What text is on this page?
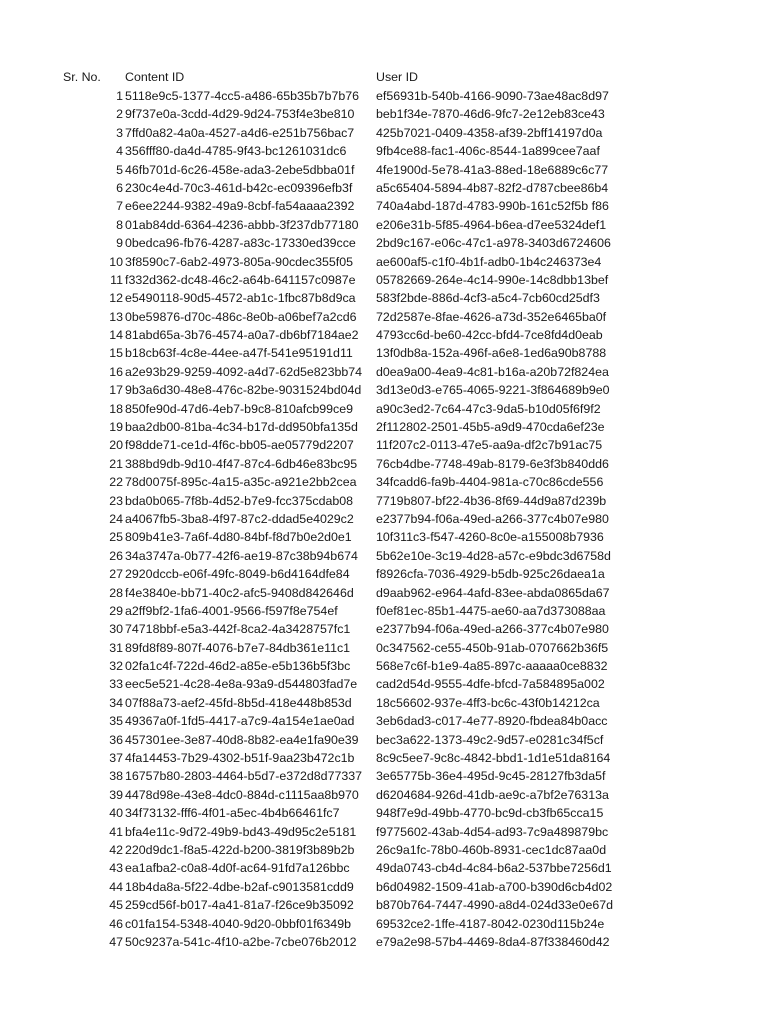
Sr. No. Content ID	User ID
1 5118e9c5-1377-4cc5-a486-65b35b7b7b76	ef56931b-540b-4166-9090-73ae48ac8d97
2 9f737e0a-3cdd-4d29-9d24-753f4e3be810	beb1f34e-7870-46d6-9fc7-2e12eb83ce43
3 7ffd0a82-4a0a-4527-a4d6-e251b756bac7	425b7021-0409-4358-af39-2bff14197d0a
4 356fff80-da4d-4785-9f43-bc1261031dc6	9fb4ce88-fac1-406c-8544-1a899cee7aaf
5 46fb701d-6c26-458e-ada3-2ebe5dbba01f	4fe1900d-5e78-41a3-88ed-18e6889c6c77
6 230c4e4d-70c3-461d-b42c-ec09396efb3f	a5c65404-5894-4b87-82f2-d787cbee86b4
7 e6ee2244-9382-49a9-8cbf-fa54aaaa2392	740a4abd-187d-4783-990b-161c52f5b f86
8 01ab84dd-6364-4236-abbb-3f237db77180	e206e31b-5f85-4964-b6ea-d7ee5324def1
9 0bedca96-fb76-4287-a83c-17330ed39cce	2bd9c167-e06c-47c1-a978-3403d6724606
10 3f8590c7-6ab2-4973-805a-90cdec355f05	ae600af5-c1f0-4b1f-adb0-1b4c246373e4
11 f332d362-dc48-46c2-a64b-641157c0987e	05782669-264e-4c14-990e-14c8dbb13bef
12 e5490118-90d5-4572-ab1c-1fbc87b8d9ca	583f2bde-886d-4cf3-a5c4-7cb60cd25df3
13 0be59876-d70c-486c-8e0b-a06bef7a2cd6	72d2587e-8fae-4626-a73d-352e6465ba0f
14 81abd65a-3b76-4574-a0a7-db6bf7184ae2	4793cc6d-be60-42cc-bfd4-7ce8fd4d0eab
15 b18cb63f-4c8e-44ee-a47f-541e95191d11	13f0db8a-152a-496f-a6e8-1ed6a90b8788
16 a2e93b29-9259-4092-a4d7-62d5e823bb74	d0ea9a00-4ea9-4c81-b16a-a20b72f824ea
17 9b3a6d30-48e8-476c-82be-9031524bd04d	3d13e0d3-e765-4065-9221-3f864689b9e0
18 850fe90d-47d6-4eb7-b9c8-810afcb99ce9	a90c3ed2-7c64-47c3-9da5-b10d05f6f9f2
19 baa2db00-81ba-4c34-b17d-dd950bfa135d	2f112802-2501-45b5-a9d9-470cda6ef23e
20 f98dde71-ce1d-4f6c-bb05-ae05779d2207	11f207c2-0113-47e5-aa9a-df2c7b91ac75
21 388bd9db-9d10-4f47-87c4-6db46e83bc95	76cb4dbe-7748-49ab-8179-6e3f3b840dd6
22 78d0075f-895c-4a15-a35c-a921e2bb2cea	34fcadd6-fa9b-4404-981a-c70c86cde556
23 bda0b065-7f8b-4d52-b7e9-fcc375cdab08	7719b807-bf22-4b36-8f69-44d9a87d239b
24 a4067fb5-3ba8-4f97-87c2-ddad5e4029c2	e2377b94-f06a-49ed-a266-377c4b07e980
25 809b41e3-7a6f-4d80-84bf-f8d7b0e2d0e1	10f311c3-f547-4260-8c0e-a155008b7936
26 34a3747a-0b77-42f6-ae19-87c38b94b674	5b62e10e-3c19-4d28-a57c-e9bdc3d6758d
27 2920dccb-e06f-49fc-8049-b6d4164dfe84	f8926cfa-7036-4929-b5db-925c26daea1a
28 f4e3840e-bb71-40c2-afc5-9408d842646d	d9aab962-e964-4afd-83ee-abda0865da67
29 a2ff9bf2-1fa6-4001-9566-f597f8e754ef	f0ef81ec-85b1-4475-ae60-aa7d373088aa
30 74718bbf-e5a3-442f-8ca2-4a3428757fc1	e2377b94-f06a-49ed-a266-377c4b07e980
31 89fd8f89-807f-4076-b7e7-84db361e11c1	0c347562-ce55-450b-91ab-0707662b36f5
32 02fa1c4f-722d-46d2-a85e-e5b136b5f3bc	568e7c6f-b1e9-4a85-897c-aaaaa0ce8832
33 eec5e521-4c28-4e8a-93a9-d544803fad7e	cad2d54d-9555-4dfe-bfcd-7a584895a002
34 07f88a73-aef2-45fd-8b5d-418e448b853d	18c56602-937e-4ff3-bc6c-43f0b14212ca
35 49367a0f-1fd5-4417-a7c9-4a154e1ae0ad	3eb6dad3-c017-4e77-8920-fbdea84b0acc
36 457301ee-3e87-40d8-8b82-ea4e1fa90e39	bec3a622-1373-49c2-9d57-e0281c34f5cf
37 4fa14453-7b29-4302-b51f-9aa23b472c1b	8c9c5ee7-9c8c-4842-bbd1-1d1e51da8164
38 16757b80-2803-4464-b5d7-e372d8d77337	3e65775b-36e4-495d-9c45-28127fb3da5f
39 4478d98e-43e8-4dc0-884d-c1115aa8b970	d6204684-926d-41db-ae9c-a7bf2e76313a
40 34f73132-fff6-4f01-a5ec-4b4b66461fc7	948f7e9d-49bb-4770-bc9d-cb3fb65cca15
41 bfa4e11c-9d72-49b9-bd43-49d95c2e5181	f9775602-43ab-4d54-ad93-7c9a489879bc
42 220d9dc1-f8a5-422d-b200-3819f3b89b2b	26c9a1fc-78b0-460b-8931-cec1dc87aa0d
43 ea1afba2-c0a8-4d0f-ac64-91fd7a126bbc	49da0743-cb4d-4c84-b6a2-537bbe7256d1
44 18b4da8a-5f22-4dbe-b2af-c9013581cdd9	b6d04982-1509-41ab-a700-b390d6cb4d02
45 259cd56f-b017-4a41-81a7-f26ce9b35092	b870b764-7447-4990-a8d4-024d33e0e67d
46 c01fa154-5348-4040-9d20-0bbf01f6349b	69532ce2-1ffe-4187-8042-0230d115b24e
47 50c9237a-541c-4f10-a2be-7cbe076b2012	e79a2e98-57b4-4469-8da4-87f338460d42
